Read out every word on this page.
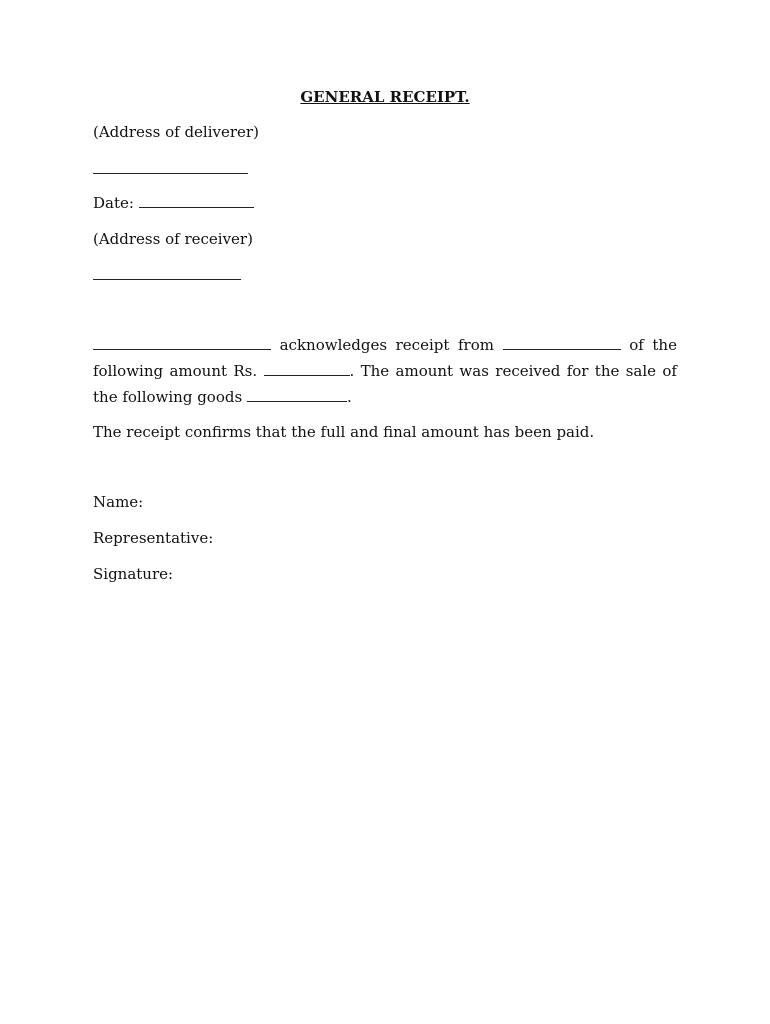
GENERAL RECEIPT.
(Address of deliverer)
Date:
(Address of receiver)
acknowledges receipt from	of the
following amount Rs.	. The amount was received for the sale of
the following goods	.
The receipt confirms that the full and final amount has been paid.
Name:
Representative:
Signature:
